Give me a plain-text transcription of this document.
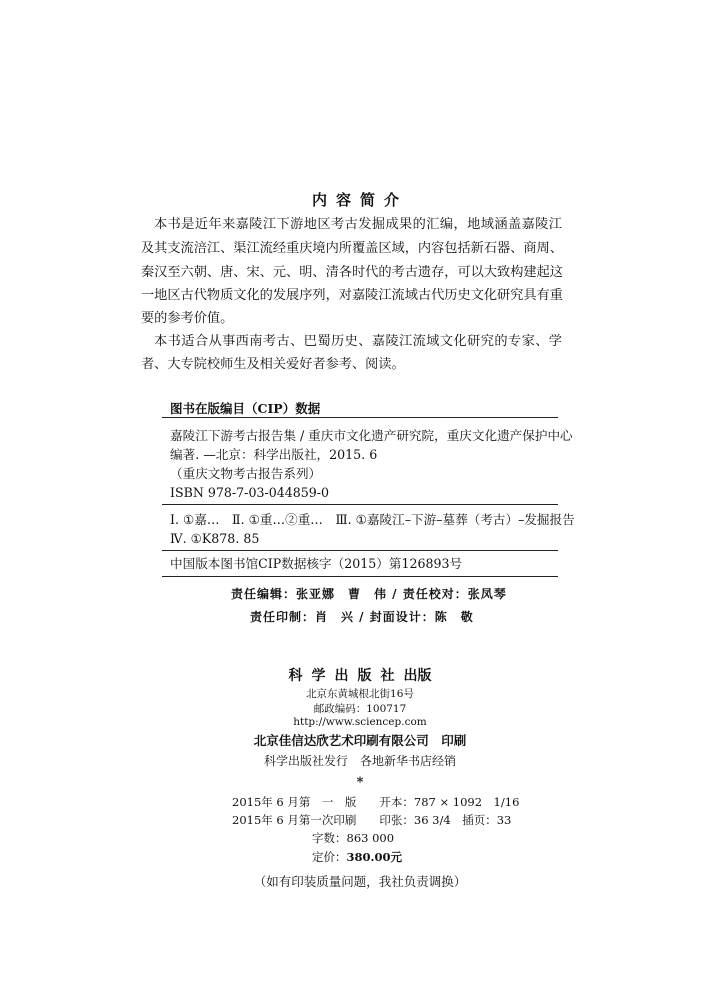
内容简介
本书是近年来嘉陵江下游地区考古发掘成果的汇编，地域涵盖嘉陵江
及其支流涪江、渠江流经重庆境内所覆盖区域，内容包括新石器、商周、
秦汉至六朝、唐、宋、元、明、清各时代的考古遗存，可以大致构建起这
一地区古代物质文化的发展序列，对嘉陵江流域古代历史文化研究具有重
要的参考价值。
本书适合从事西南考古、巴蜀历史、嘉陵江流域文化研究的专家、学
者、大专院校师生及相关爱好者参考、阅读。
图书在版编目（CIP）数据
嘉陵江下游考古报告集 / 重庆市文化遗产研究院，重庆文化遗产保护中心
编著. —北京：科学出版社，2015. 6
（重庆文物考古报告系列）
ISBN 978-7-03-044859-0
Ⅰ. ①嘉…　Ⅱ. ①重…②重…　Ⅲ. ①嘉陵江–下游–墓葬（考古）–发掘报告
Ⅳ. ①K878. 85
中国版本图书馆CIP数据核字（2015）第126893号
责任编辑：张亚娜　曹　伟 / 责任校对：张凤琴
责任印制：肖　兴 / 封面设计：陈　敬
科学出版社出版
北京东黄城根北街16号
邮政编码：100717
http://www.sciencep.com
北京佳信达欣艺术印刷有限公司　印刷
科学出版社发行　各地新华书店经销
*
2015年 6 月第　一　版　　开本：787 × 1092　1/16
2015年 6 月第一次印刷　　印张：36 3/4　插页：33
字数：863 000
定价：380.00元
（如有印装质量问题，我社负责调换）
